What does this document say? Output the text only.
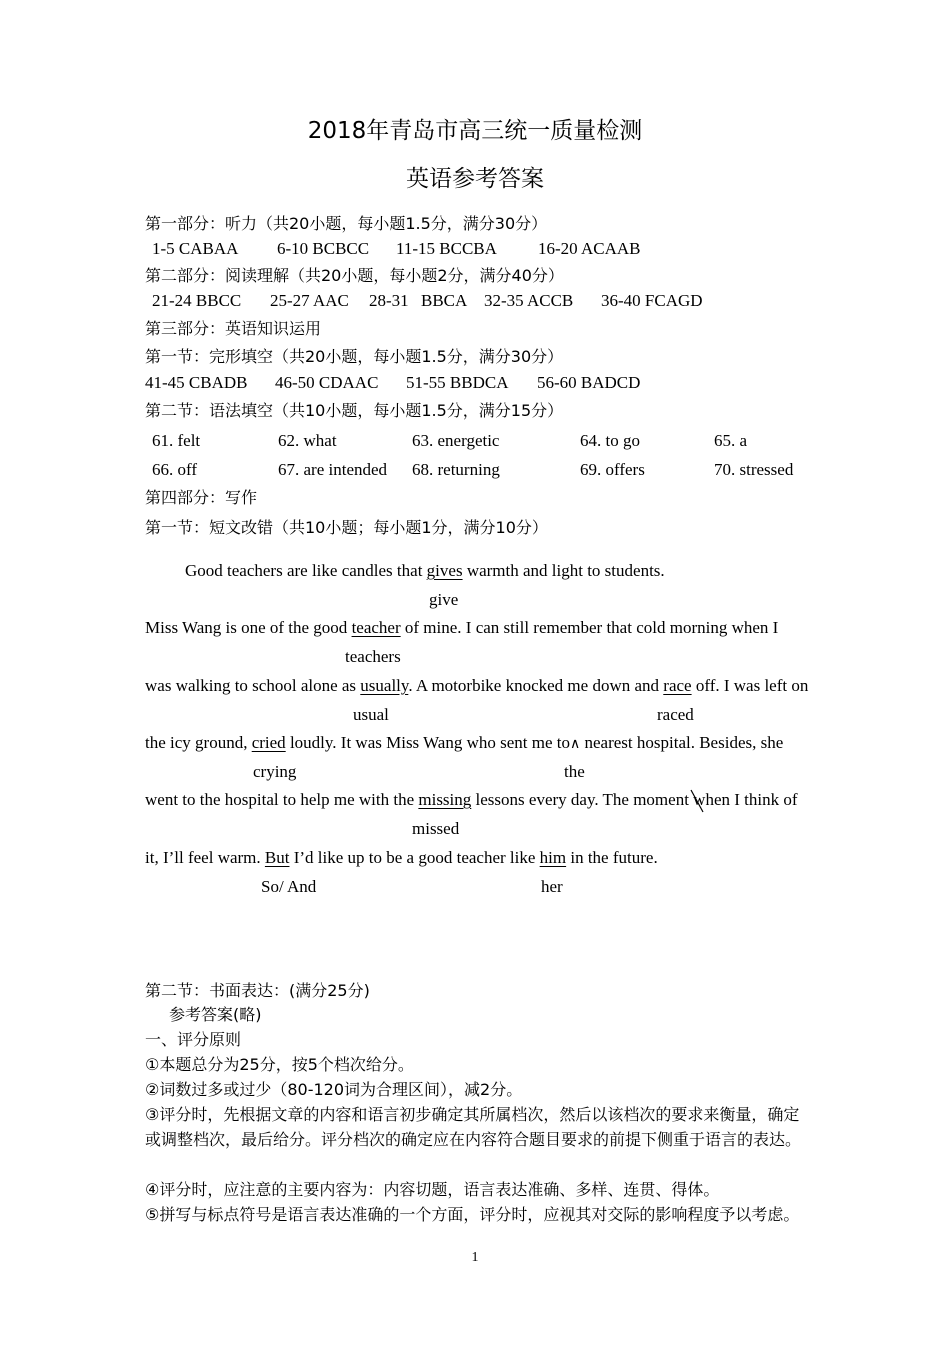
2018年青岛市高三统一质量检测
英语参考答案
第一部分：听力（共20小题，每小题1.5分，满分30分）
1-5 CABAA 6-10 BCBCC 11-15 BCCBA 16-20 ACAAB
第二部分：阅读理解（共20小题，每小题2分，满分40分）
21-24 BBCC 25-27 AAC 28-31 BBCA 32-35 ACCB 36-40 FCAGD
第三部分：英语知识运用
第一节：完形填空（共20小题，每小题1.5分，满分30分）
41-45 CBADB 46-50 CDAAC 51-55 BBDCA 56-60 BADCD
第二节：语法填空（共10小题，每小题1.5分，满分15分）
61. felt	62. what	63. energetic	64. to go	65. a
66. off	67. are intended 68. returning	69. offers	70. stressed
第四部分：写作
第一节：短文改错（共10小题；每小题1分，满分10分）
Good teachers are like candles that gives warmth and light to students.
give
Miss Wang is one of the good teacher of mine. I can still remember that cold morning when I
teachers
was walking to school alone as usually. A motorbike knocked me down and race off. I was left on
usual	raced
the icy ground, cried loudly. It was Miss Wang who sent me to∧ nearest hospital. Besides, she
crying	the
went to the hospital to help me with the missing lessons every day. The moment when I think of
missed
it, I’ll feel warm. But I’d like up to be a good teacher like him in the future.
So/ And	her
第二节：书面表达：(满分25分)
参考答案(略)
一、评分原则
①本题总分为25分，按5个档次给分。
②词数过多或过少（80-120词为合理区间），减2分。
③评分时，先根据文章的内容和语言初步确定其所属档次，然后以该档次的要求来衡量，确定或调整档次，最后给分。评分档次的确定应在内容符合题目要求的前提下侧重于语言的表达。
④评分时，应注意的主要内容为：内容切题，语言表达准确、多样、连贯、得体。
⑤拼写与标点符号是语言表达准确的一个方面，评分时，应视其对交际的影响程度予以考虑。
1
